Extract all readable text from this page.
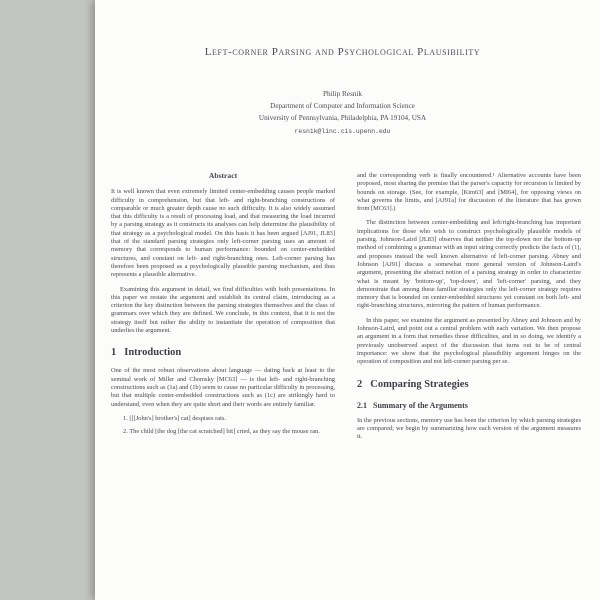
Left-corner Parsing and Psychological Plausibility
Philip Resnik
Department of Computer and Information Science
University of Pennsylvania, Philadelphia, PA 19104, USA
resnik@linc.cis.upenn.edu
Abstract

It is well known that even extremely limited center-embedding causes people marked difficulty in comprehension, but that left- and right-branching constructions of comparable or much greater depth cause no such difficulty. It is also widely assumed that this difficulty is a result of processing load, and that measuring the load incurred by a parsing strategy as it constructs its analyses can help determine the plausibility of that strategy as a psychological model. On this basis it has been argued [AJ91, JL83] that of the standard parsing strategies only left-corner parsing uses an amount of memory that corresponds to human performance: bounded on center-embedded structures, and constant on left- and right-branching ones. Left-corner parsing has therefore been proposed as a psychologically plausible parsing mechanism, and thus represents a plausible alternative.

Examining this argument in detail, we find difficulties with both presentations. In this paper we restate the argument and establish its central claim, introducing as a criterion the key distinction between the parsing strategies themselves and the class of grammars over which they are defined. We conclude, in this context, that it is not the strategy itself but rather the ability to instantiate the operation of composition that underlies the argument.

1 Introduction

One of the most robust observations about language — dating back at least to the seminal work of Miller and Chomsky [MC63] — is that left- and right-branching constructions such as (1a) and (1b) seem to cause no particular difficulty in processing, but that multiple center-embedded constructions such as (1c) are strikingly hard to understand, even when they are quite short and their words are entirely familiar.

1. [[[John's] brother's] cat] despises rats.
2. The child [the dog [the cat scratched] bit] cried, as they say the mouse ran.

and the corresponding verb is finally encountered.¹ Alternative accounts have been proposed, most sharing the premise that the parser's capacity for recursion is limited by bounds on storage. (See, for example, [Kim63] and [MI64], for opposing views on what governs the limits, and [AJ91a] for discussion of the literature that has grown from [MC63].)

The distinction between center-embedding and left/right-branching has important implications for those who wish to construct psychologically plausible models of parsing. Johnson-Laird [JL83] observes that neither the top-down nor the bottom-up method of combining a grammar with an input string correctly predicts the facts of (1), and proposes instead the well known alternative of left-corner parsing. Abney and Johnson [AJ91] discuss a somewhat more general version of Johnson-Laird's argument, presenting the abstract notion of a parsing strategy in order to characterize what is meant by 'bottom-up', 'top-down', and 'left-corner' parsing, and they demonstrate that among these familiar strategies only the left-corner strategy requires memory that is bounded on center-embedded structures yet constant on both left- and right-branching structures, mirroring the pattern of human performance.

In this paper, we examine the argument as presented by Abney and Johnson and by Johnson-Laird, and point out a central problem with each variation. We then propose an argument in a form that remedies those difficulties, and in so doing, we identify a previously unobserved aspect of the discussion that turns out to be of central importance: we show that the psychological plausibility argument hinges on the operation of composition and not left-corner parsing per se.

2 Comparing Strategies
2.1 Summary of the Arguments

In the previous sections, memory use has been the criterion by which parsing strategies are compared; we begin by summarizing how each version of the argument measures it.
